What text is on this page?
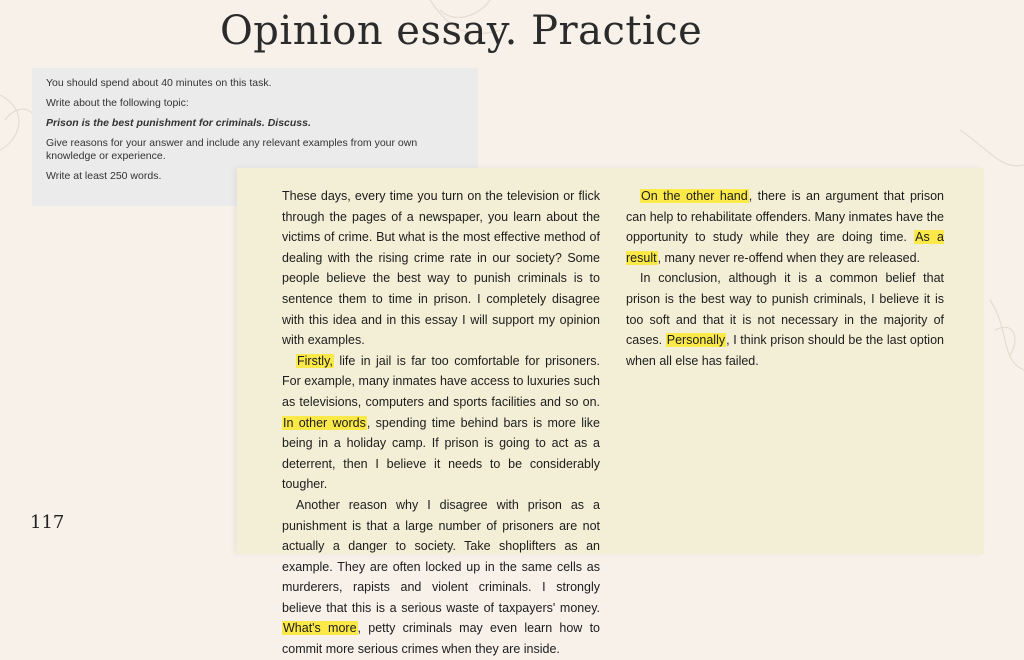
Opinion essay. Practice

You should spend about 40 minutes on this task.

Write about the following topic:

Prison is the best punishment for criminals. Discuss.

Give reasons for your answer and include any relevant examples from your own knowledge or experience.

Write at least 250 words.

These days, every time you turn on the television or flick through the pages of a newspaper, you learn about the victims of crime. But what is the most effective method of dealing with the rising crime rate in our society? Some people believe the best way to punish criminals is to sentence them to time in prison. I completely disagree with this idea and in this essay I will support my opinion with examples.

Firstly, life in jail is far too comfortable for prisoners. For example, many inmates have access to luxuries such as televisions, computers and sports facilities and so on. In other words, spending time behind bars is more like being in a holiday camp. If prison is going to act as a deterrent, then I believe it needs to be considerably tougher.

Another reason why I disagree with prison as a punishment is that a large number of prisoners are not actually a danger to society. Take shoplifters as an example. They are often locked up in the same cells as murderers, rapists and violent criminals. I strongly believe that this is a serious waste of taxpayers' money. What's more, petty criminals may even learn how to commit more serious crimes when they are inside.

On the other hand, there is an argument that prison can help to rehabilitate offenders. Many inmates have the opportunity to study while they are doing time. As a result, many never re-offend when they are released.

In conclusion, although it is a common belief that prison is the best way to punish criminals, I believe it is too soft and that it is not necessary in the majority of cases. Personally, I think prison should be the last option when all else has failed.

117
